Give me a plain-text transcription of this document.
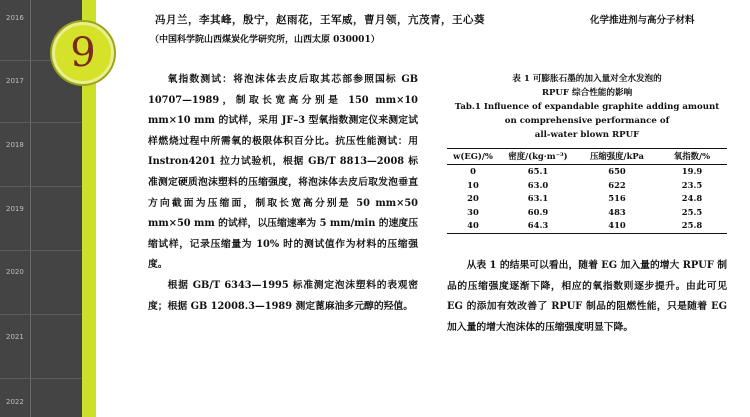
2016
2017
2018
2019
2020
2021
2022
9
冯月兰，李其峰，殷宁，赵雨花，王军威，曹月领，亢茂青，王心葵
（中国科学院山西煤炭化学研究所，山西太原 030001）
化学推进剂与高分子材料

氧指数测试：将泡沫体去皮后取其芯部参照国标 GB 10707—1989，制取长宽高分别是 150 mm×10 mm×10 mm 的试样，采用 JF–3 型氧指数测定仪来测定试样燃烧过程中所需氧的极限体积百分比。抗压性能测试：用 Instron4201 拉力试验机，根据 GB/T 8813—2008 标准测定硬质泡沫塑料的压缩强度，将泡沫体去皮后取发泡垂直方向截面为压缩面，制取长宽高分别是 50 mm×50 mm×50 mm 的试样，以压缩速率为 5 mm/min 的速度压缩试样，记录压缩量为 10% 时的测试值作为材料的压缩强度。

根据 GB/T 6343—1995 标准测定泡沫塑料的表观密度；根据 GB 12008.3—1989 测定蓖麻油多元醇的羟值。

表 1 可膨胀石墨的加入量对全水发泡的
RPUF 综合性能的影响
Tab.1 Influence of expandable graphite adding amount
on comprehensive performance of
all-water blown RPUF
w(EG)/%	密度/(kg·m⁻³)	压缩强度/kPa	氧指数/%
0	65.1	650	19.9
10	63.0	622	23.5
20	63.1	516	24.8
30	60.9	483	25.5
40	64.3	410	25.8
从表 1 的结果可以看出，随着 EG 加入量的增大 RPUF 制品的压缩强度逐渐下降，相应的氧指数则逐步提升。由此可见 EG 的添加有效改善了 RPUF 制品的阻燃性能，只是随着 EG 加入量的增大泡沫体的压缩强度明显下降。
